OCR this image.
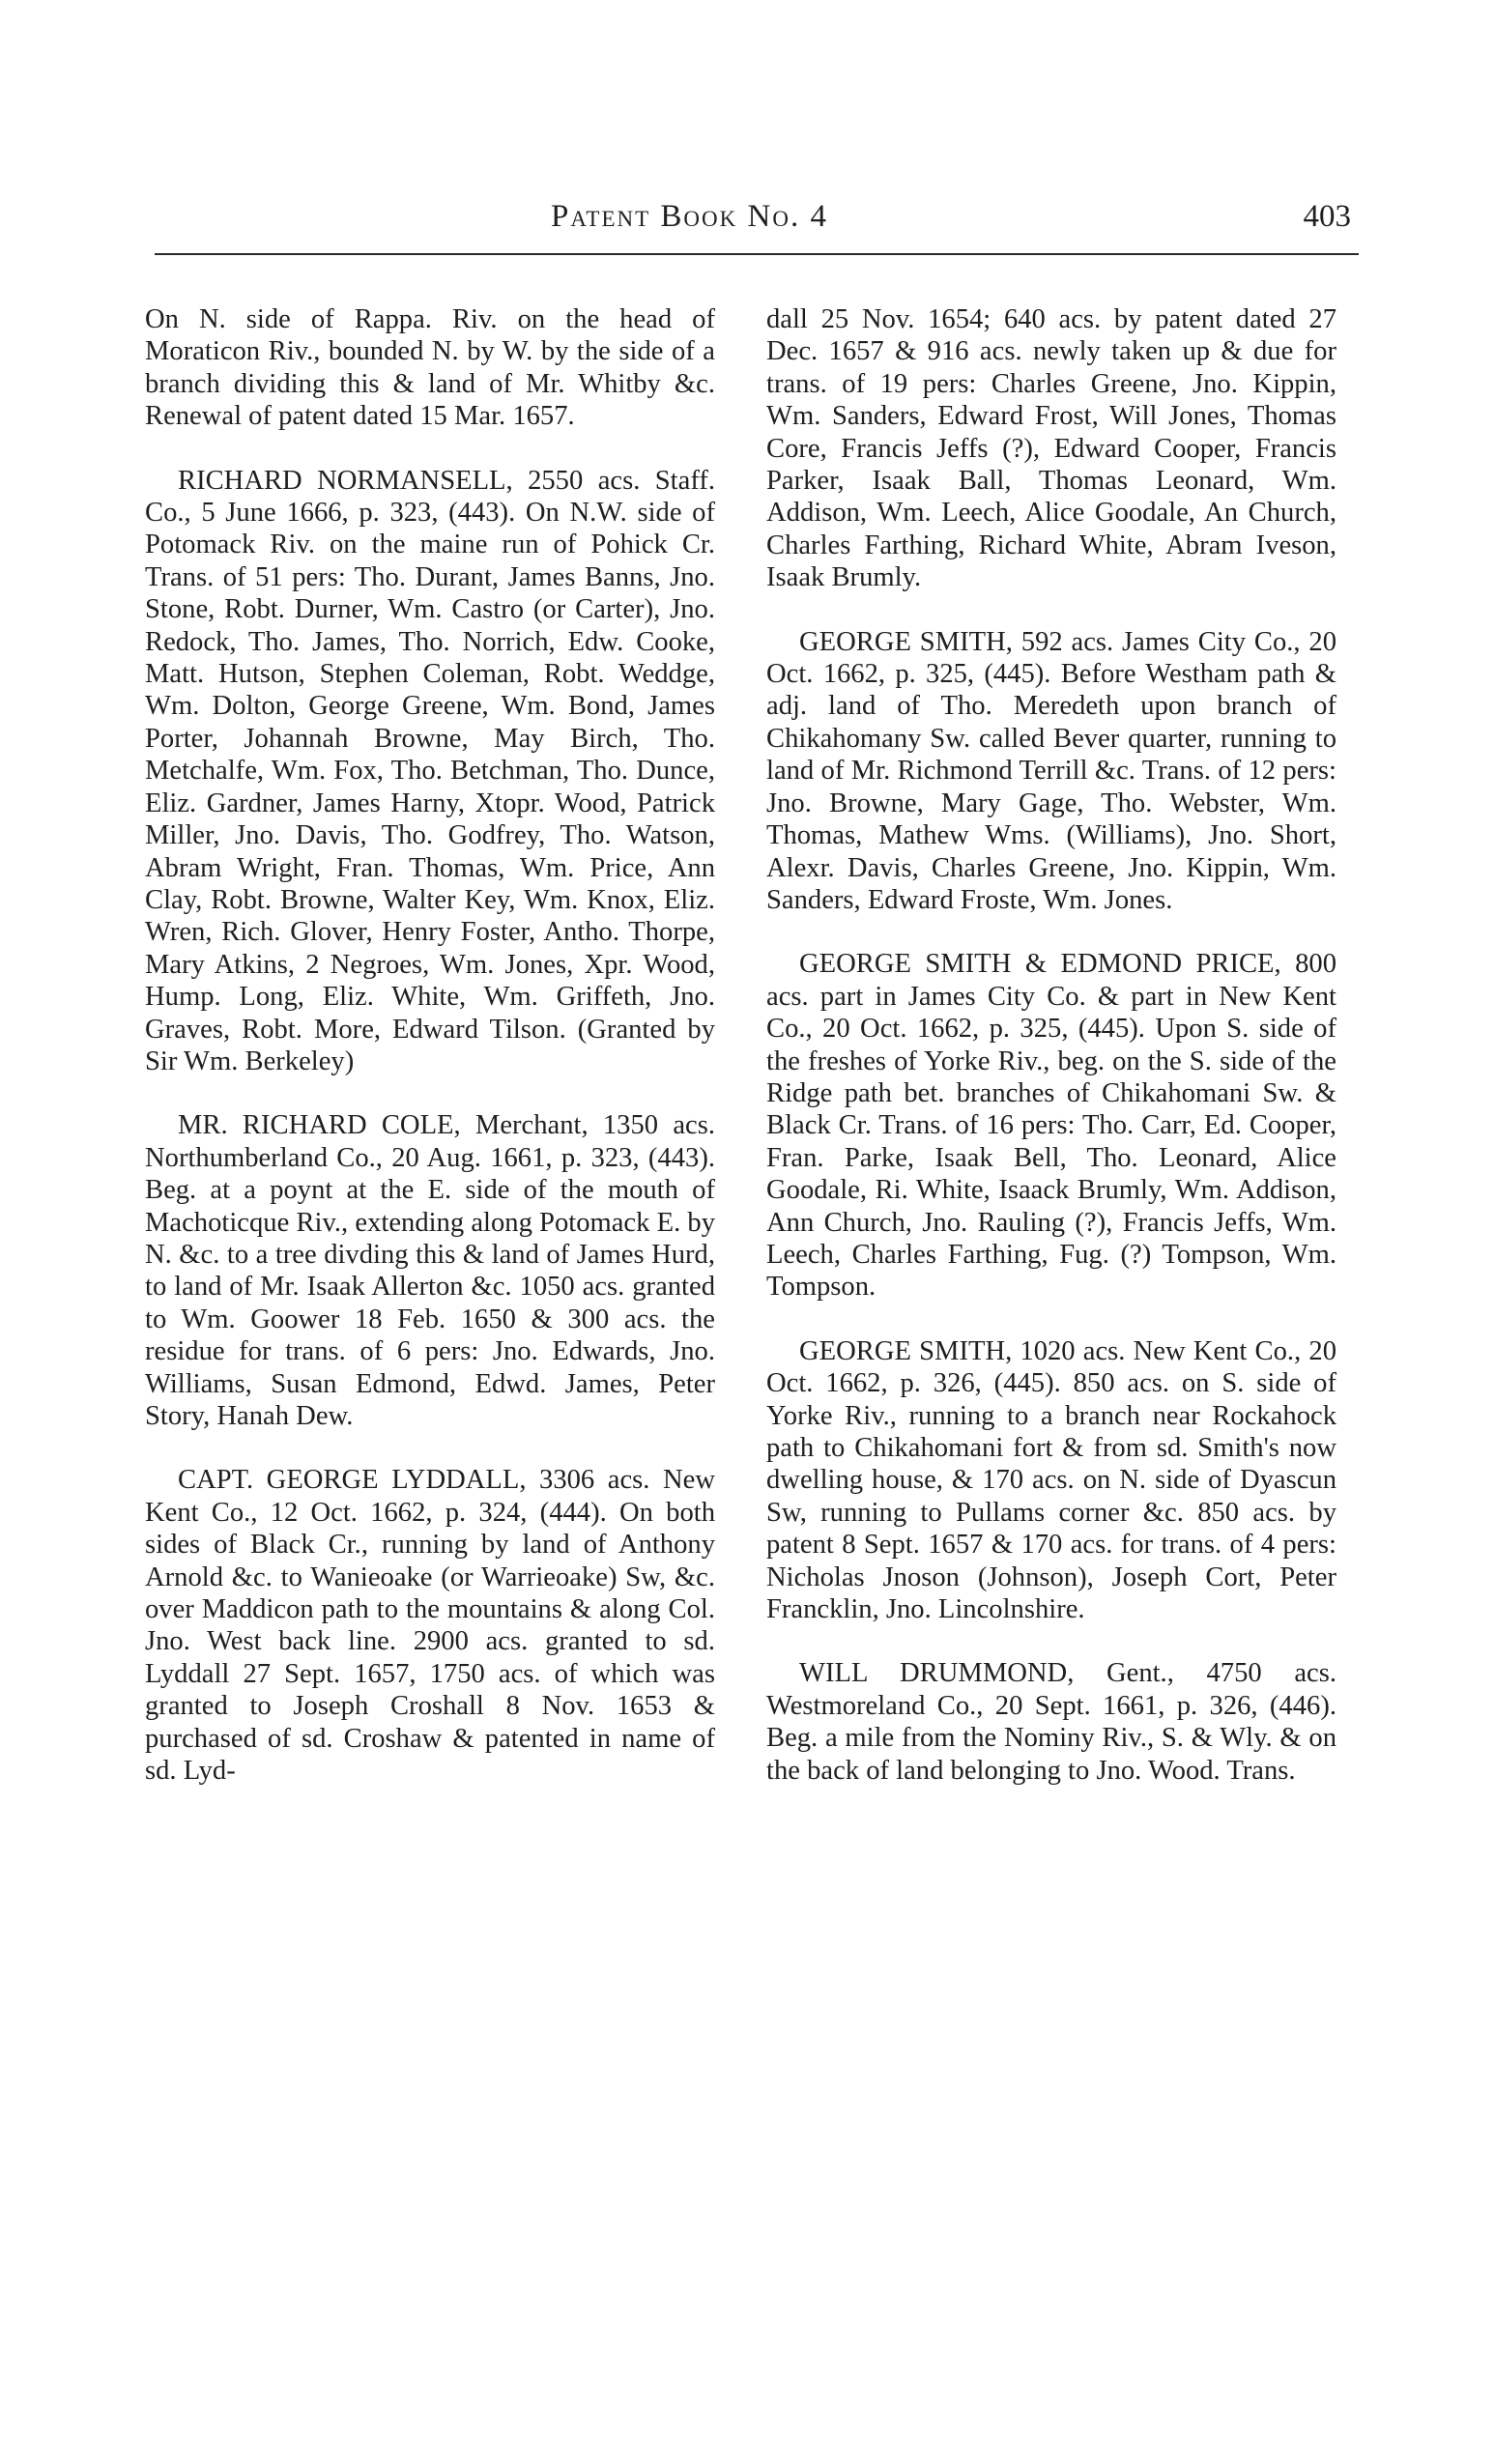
Patent Book No. 4	403

On N. side of Rappa. Riv. on the head of Moraticon Riv., bounded N. by W. by the side of a branch dividing this & land of Mr. Whitby &c. Renewal of patent dated 15 Mar. 1657.

RICHARD NORMANSELL, 2550 acs. Staff. Co., 5 June 1666, p. 323, (443). On N.W. side of Potomack Riv. on the maine run of Pohick Cr. Trans. of 51 pers: Tho. Durant, James Banns, Jno. Stone, Robt. Durner, Wm. Castro (or Carter), Jno. Redock, Tho. James, Tho. Norrich, Edw. Cooke, Matt. Hutson, Stephen Coleman, Robt. Weddge, Wm. Dolton, George Greene, Wm. Bond, James Porter, Johannah Browne, May Birch, Tho. Metchalfe, Wm. Fox, Tho. Betchman, Tho. Dunce, Eliz. Gardner, James Harny, Xtopr. Wood, Patrick Miller, Jno. Davis, Tho. Godfrey, Tho. Watson, Abram Wright, Fran. Thomas, Wm. Price, Ann Clay, Robt. Browne, Walter Key, Wm. Knox, Eliz. Wren, Rich. Glover, Henry Foster, Antho. Thorpe, Mary Atkins, 2 Negroes, Wm. Jones, Xpr. Wood, Hump. Long, Eliz. White, Wm. Griffeth, Jno. Graves, Robt. More, Edward Tilson. (Granted by Sir Wm. Berkeley)

MR. RICHARD COLE, Merchant, 1350 acs. Northumberland Co., 20 Aug. 1661, p. 323, (443). Beg. at a poynt at the E. side of the mouth of Machoticque Riv., extending along Potomack E. by N. &c. to a tree divding this & land of James Hurd, to land of Mr. Isaak Allerton &c. 1050 acs. granted to Wm. Goower 18 Feb. 1650 & 300 acs. the residue for trans. of 6 pers: Jno. Edwards, Jno. Williams, Susan Edmond, Edwd. James, Peter Story, Hanah Dew.

CAPT. GEORGE LYDDALL, 3306 acs. New Kent Co., 12 Oct. 1662, p. 324, (444). On both sides of Black Cr., running by land of Anthony Arnold &c. to Wanieoake (or Warrieoake) Sw, &c. over Maddicon path to the mountains & along Col. Jno. West back line. 2900 acs. granted to sd. Lyddall 27 Sept. 1657, 1750 acs. of which was granted to Joseph Croshall 8 Nov. 1653 & purchased of sd. Croshaw & patented in name of sd. Lyd-

dall 25 Nov. 1654; 640 acs. by patent dated 27 Dec. 1657 & 916 acs. newly taken up & due for trans. of 19 pers: Charles Greene, Jno. Kippin, Wm. Sanders, Edward Frost, Will Jones, Thomas Core, Francis Jeffs (?), Edward Cooper, Francis Parker, Isaak Ball, Thomas Leonard, Wm. Addison, Wm. Leech, Alice Goodale, An Church, Charles Farthing, Richard White, Abram Iveson, Isaak Brumly.

GEORGE SMITH, 592 acs. James City Co., 20 Oct. 1662, p. 325, (445). Before Westham path & adj. land of Tho. Meredeth upon branch of Chikahomany Sw. called Bever quarter, running to land of Mr. Richmond Terrill &c. Trans. of 12 pers: Jno. Browne, Mary Gage, Tho. Webster, Wm. Thomas, Mathew Wms. (Williams), Jno. Short, Alexr. Davis, Charles Greene, Jno. Kippin, Wm. Sanders, Edward Froste, Wm. Jones.

GEORGE SMITH & EDMOND PRICE, 800 acs. part in James City Co. & part in New Kent Co., 20 Oct. 1662, p. 325, (445). Upon S. side of the freshes of Yorke Riv., beg. on the S. side of the Ridge path bet. branches of Chikahomani Sw. & Black Cr. Trans. of 16 pers: Tho. Carr, Ed. Cooper, Fran. Parke, Isaak Bell, Tho. Leonard, Alice Goodale, Ri. White, Isaack Brumly, Wm. Addison, Ann Church, Jno. Rauling (?), Francis Jeffs, Wm. Leech, Charles Farthing, Fug. (?) Tompson, Wm. Tompson.

GEORGE SMITH, 1020 acs. New Kent Co., 20 Oct. 1662, p. 326, (445). 850 acs. on S. side of Yorke Riv., running to a branch near Rockahock path to Chikahomani fort & from sd. Smith's now dwelling house, & 170 acs. on N. side of Dyascun Sw, running to Pullams corner &c. 850 acs. by patent 8 Sept. 1657 & 170 acs. for trans. of 4 pers: Nicholas Jnoson (Johnson), Joseph Cort, Peter Francklin, Jno. Lincolnshire.

WILL DRUMMOND, Gent., 4750 acs. Westmoreland Co., 20 Sept. 1661, p. 326, (446). Beg. a mile from the Nominy Riv., S. & Wly. & on the back of land belonging to Jno. Wood. Trans.
